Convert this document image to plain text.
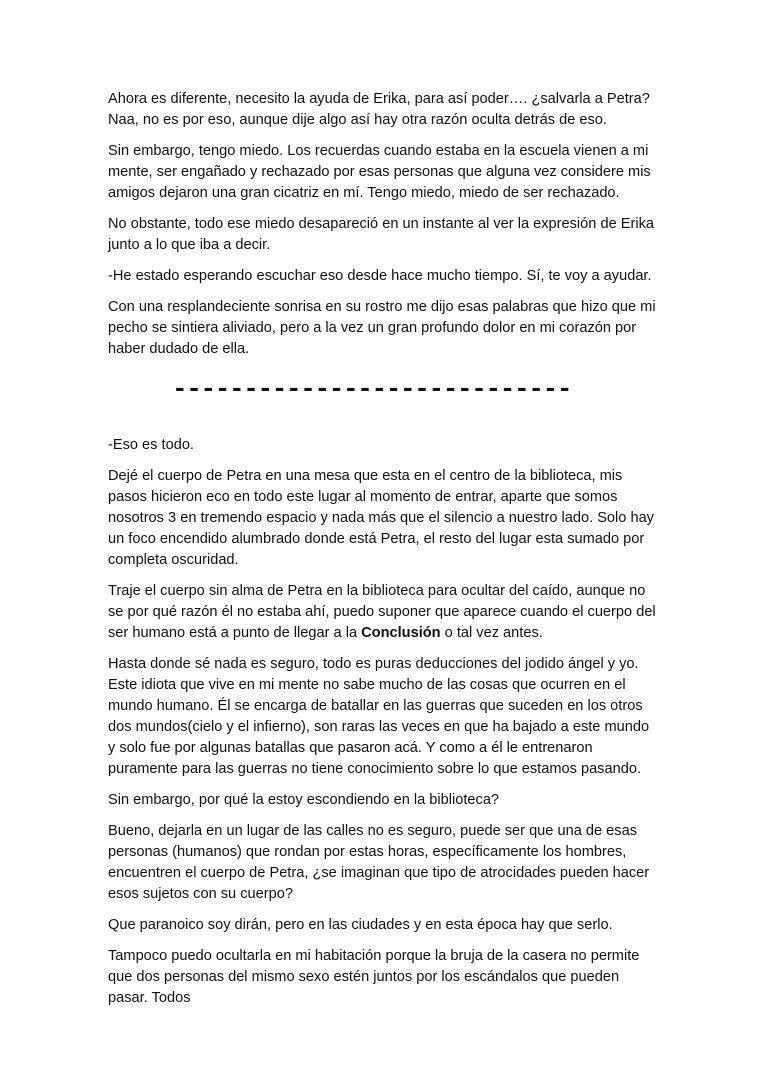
Ahora es diferente, necesito la ayuda de Erika, para así poder…. ¿salvarla a Petra? Naa, no es por eso, aunque dije algo así hay otra razón oculta detrás de eso.

Sin embargo, tengo miedo. Los recuerdas cuando estaba en la escuela vienen a mi mente, ser engañado y rechazado por esas personas que alguna vez considere mis amigos dejaron una gran cicatriz en mí. Tengo miedo, miedo de ser rechazado.

No obstante, todo ese miedo desapareció en un instante al ver la expresión de Erika junto a lo que iba a decir.

-He estado esperando escuchar eso desde hace mucho tiempo. Sí, te voy a ayudar.

Con una resplandeciente sonrisa en su rostro me dijo esas palabras que hizo que mi pecho se sintiera aliviado, pero a la vez un gran profundo dolor en mi corazón por haber dudado de ella.

----------------------------

-Eso es todo.

Dejé el cuerpo de Petra en una mesa que esta en el centro de la biblioteca, mis pasos hicieron eco en todo este lugar al momento de entrar, aparte que somos nosotros 3 en tremendo espacio y nada más que el silencio a nuestro lado. Solo hay un foco encendido alumbrado donde está Petra, el resto del lugar esta sumado por completa oscuridad.

Traje el cuerpo sin alma de Petra en la biblioteca para ocultar del caído, aunque no se por qué razón él no estaba ahí, puedo suponer que aparece cuando el cuerpo del ser humano está a punto de llegar a la Conclusión o tal vez antes.

Hasta donde sé nada es seguro, todo es puras deducciones del jodido ángel y yo. Este idiota que vive en mi mente no sabe mucho de las cosas que ocurren en el mundo humano. Él se encarga de batallar en las guerras que suceden en los otros dos mundos(cielo y el infierno), son raras las veces en que ha bajado a este mundo y solo fue por algunas batallas que pasaron acá. Y como a él le entrenaron puramente para las guerras no tiene conocimiento sobre lo que estamos pasando.

Sin embargo, por qué la estoy escondiendo en la biblioteca?

Bueno, dejarla en un lugar de las calles no es seguro, puede ser que una de esas personas (humanos) que rondan por estas horas, específicamente los hombres, encuentren el cuerpo de Petra, ¿se imaginan que tipo de atrocidades pueden hacer esos sujetos con su cuerpo?

Que paranoico soy dirán, pero en las ciudades y en esta época hay que serlo.

Tampoco puedo ocultarla en mi habitación porque la bruja de la casera no permite que dos personas del mismo sexo estén juntos por los escándalos que pueden pasar. Todos
